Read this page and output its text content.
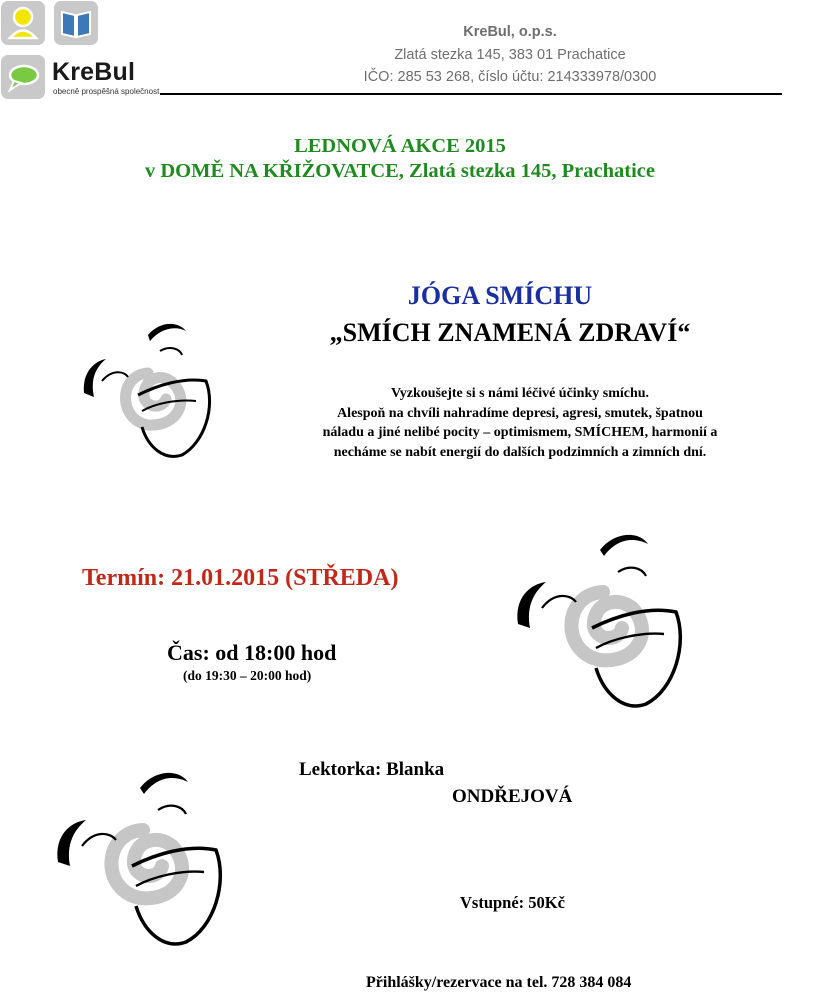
KreBul
obecně prospěšná společnost
KreBul, o.p.s.
Zlatá stezka 145, 383 01 Prachatice
IČO: 285 53 268, číslo účtu: 214333978/0300
LEDNOVÁ AKCE 2015
v DOMĚ NA KŘIŽOVATCE, Zlatá stezka 145, Prachatice
JÓGA SMÍCHU
„SMÍCH ZNAMENÁ ZDRAVÍ“
Vyzkoušejte si s námi léčivé účinky smíchu.
Alespoň na chvíli nahradíme depresi, agresi, smutek, špatnou
náladu a jiné nelibé pocity – optimismem, SMÍCHEM, harmonií a
necháme se nabít energií do dalších podzimních a zimních dní.
Termín: 21.01.2015 (STŘEDA)
Čas: od 18:00 hod
(do 19:30 – 20:00 hod)
Lektorka: Blanka
ONDŘEJOVÁ
Vstupné: 50Kč
Přihlášky/rezervace na tel. 728 384 084
